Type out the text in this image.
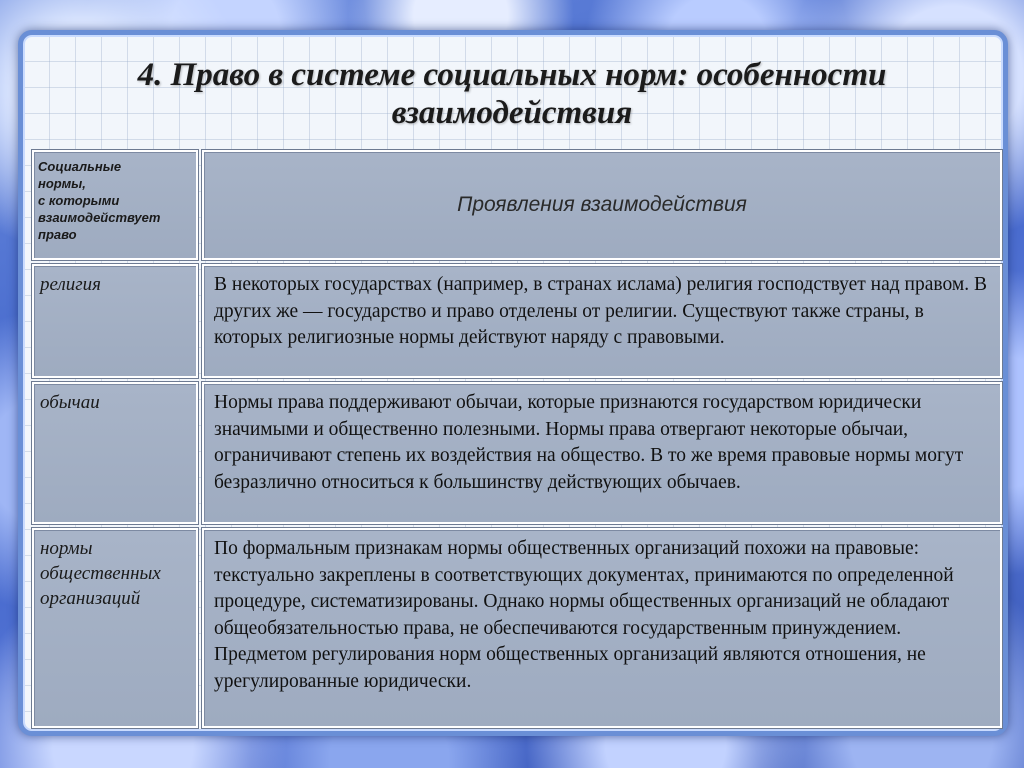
4. Право в системе социальных норм: особенности взаимодействия
Социальные
нормы,
с которыми
взаимодействует
право
Проявления взаимодействия
религия	В некоторых государствах (например, в странах ислама) религия господствует над правом. В других же — государство и право отделены от религии. Существуют также страны, в которых религиозные нормы действуют наряду с правовыми.
обычаи	Нормы права поддерживают обычаи, которые признаются государством юридически значимыми и общественно полезными. Нормы права отвергают некоторые обычаи, ограничивают степень их воздействия на общество. В то же время правовые нормы могут безразлично относиться к большинству действующих обычаев.
нормы общественных организаций
По формальным признакам нормы общественных организаций похожи на правовые: текстуально закреплены в соответствующих документах, принимаются по определенной процедуре, систематизированы. Однако нормы общественных организаций не обладают общеобязательностью права, не обеспечиваются государственным принуждением. Предметом регулирования норм общественных организаций являются отношения, не урегулированные юридически.
